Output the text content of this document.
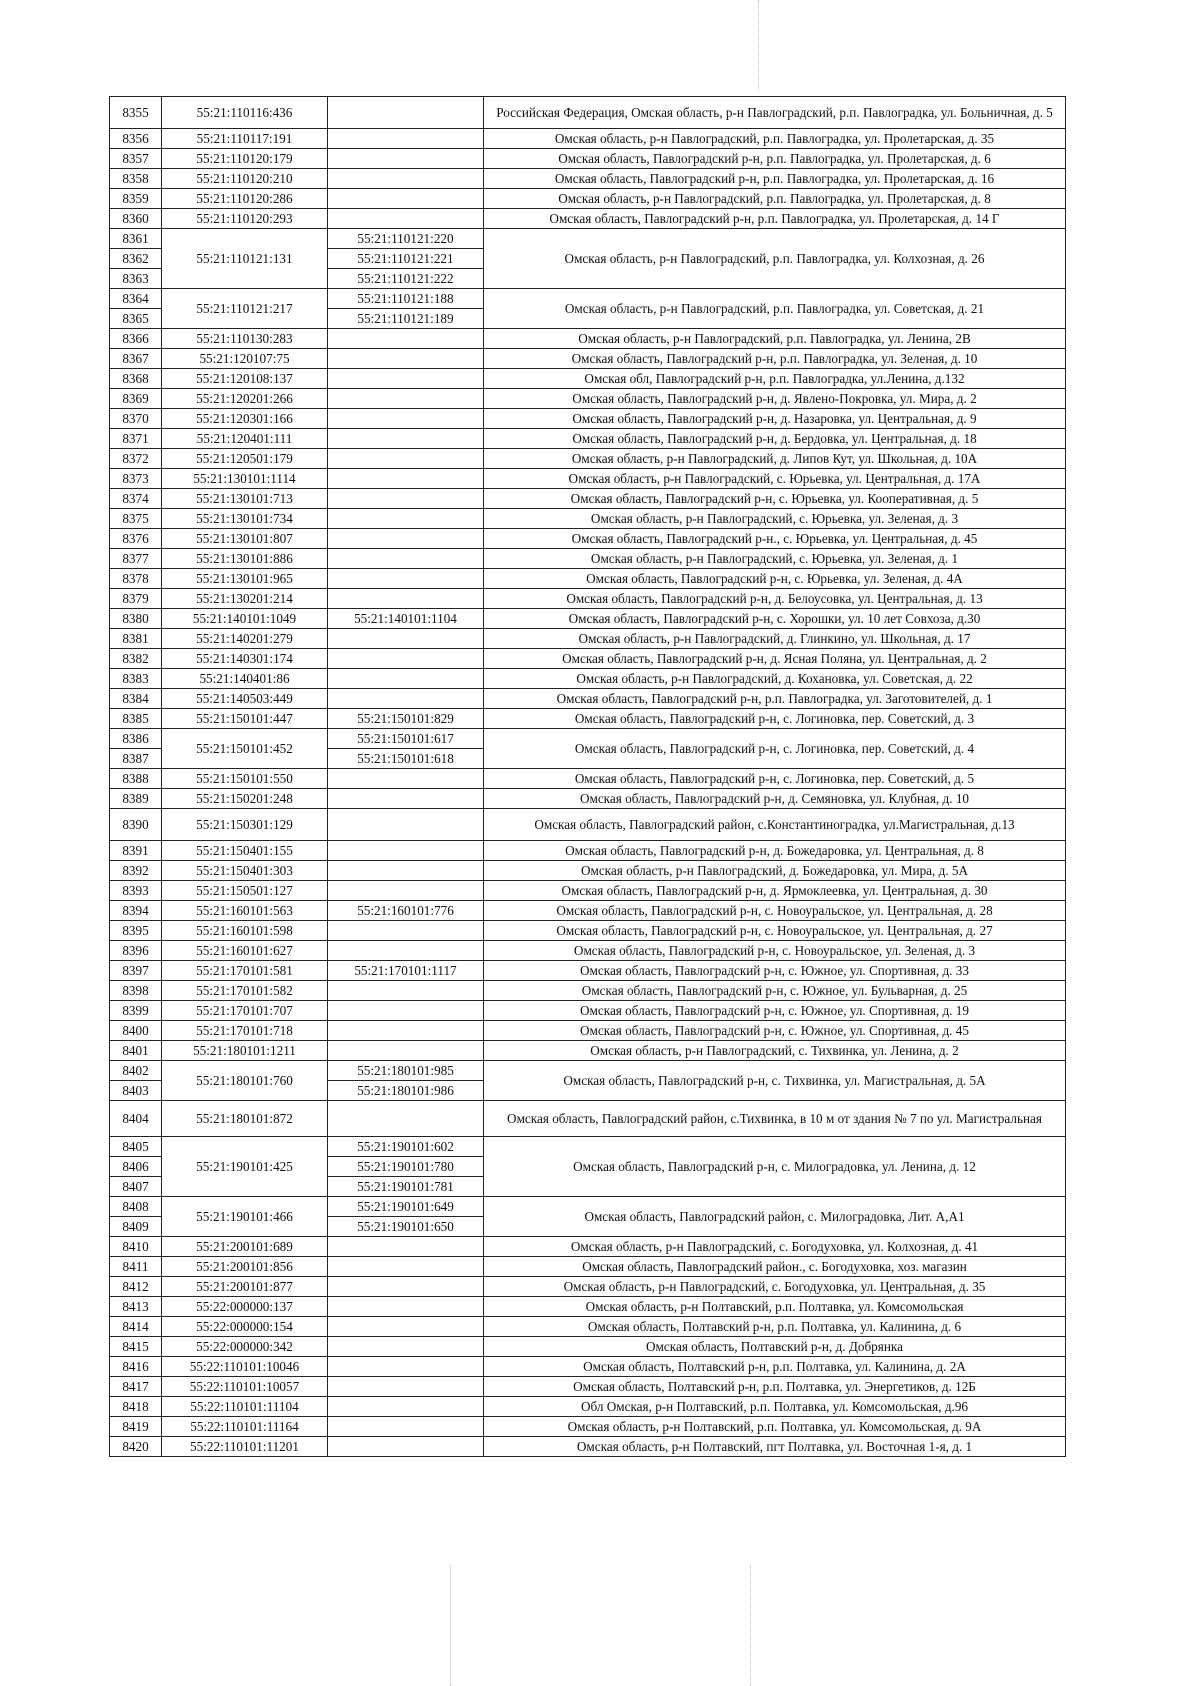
8355	55:21:110116:436		Российская Федерация, Омская область, р-н Павлоградский, р.п. Павлоградка, ул. Больничная, д. 5
8356	55:21:110117:191		Омская область, р-н Павлоградский, р.п. Павлоградка, ул. Пролетарская, д. 35
8357	55:21:110120:179		Омская область, Павлоградский р-н, р.п. Павлоградка, ул. Пролетарская, д. 6
8358	55:21:110120:210		Омская область, Павлоградский р-н, р.п. Павлоградка, ул. Пролетарская, д. 16
8359	55:21:110120:286		Омская область, р-н Павлоградский, р.п. Павлоградка, ул. Пролетарская, д. 8
8360	55:21:110120:293		Омская область, Павлоградский р-н, р.п. Павлоградка, ул. Пролетарская, д. 14 Г
8361	55:21:110121:131	55:21:110121:220	Омская область, р-н Павлоградский, р.п. Павлоградка, ул. Колхозная, д. 26
8362		55:21:110121:221	
8363		55:21:110121:222	
8364	55:21:110121:217	55:21:110121:188	Омская область, р-н Павлоградский, р.п. Павлоградка, ул. Советская, д. 21
8365		55:21:110121:189	
8366	55:21:110130:283		Омская область, р-н Павлоградский, р.п. Павлоградка, ул. Ленина, 2В
8367	55:21:120107:75		Омская область, Павлоградский р-н, р.п. Павлоградка, ул. Зеленая, д. 10
8368	55:21:120108:137		Омская обл, Павлоградский р-н, р.п. Павлоградка, ул.Ленина, д.132
8369	55:21:120201:266		Омская область, Павлоградский р-н, д. Явлено-Покровка, ул. Мира, д. 2
8370	55:21:120301:166		Омская область, Павлоградский р-н, д. Назаровка, ул. Центральная, д. 9
8371	55:21:120401:111		Омская область, Павлоградский р-н, д. Бердовка, ул. Центральная, д. 18
8372	55:21:120501:179		Омская область, р-н Павлоградский, д. Липов Кут, ул. Школьная, д. 10А
8373	55:21:130101:1114		Омская область, р-н Павлоградский, с. Юрьевка, ул. Центральная, д. 17А
8374	55:21:130101:713		Омская область, Павлоградский р-н, с. Юрьевка, ул. Кооперативная, д. 5
8375	55:21:130101:734		Омская область, р-н Павлоградский, с. Юрьевка, ул. Зеленая, д. 3
8376	55:21:130101:807		Омская область, Павлоградский р-н., с. Юрьевка, ул. Центральная, д. 45
8377	55:21:130101:886		Омская область, р-н Павлоградский, с. Юрьевка, ул. Зеленая, д. 1
8378	55:21:130101:965		Омская область, Павлоградский р-н, с. Юрьевка, ул. Зеленая, д. 4А
8379	55:21:130201:214		Омская область, Павлоградский р-н, д. Белоусовка, ул. Центральная, д. 13
8380	55:21:140101:1049	55:21:140101:1104	Омская область, Павлоградский р-н, с. Хорошки, ул. 10 лет Совхоза, д.30
8381	55:21:140201:279		Омская область, р-н Павлоградский, д. Глинкино, ул. Школьная, д. 17
8382	55:21:140301:174		Омская область, Павлоградский р-н, д. Ясная Поляна, ул. Центральная, д. 2
8383	55:21:140401:86		Омская область, р-н Павлоградский, д. Кохановка, ул. Советская, д. 22
8384	55:21:140503:449		Омская область, Павлоградский р-н, р.п. Павлоградка, ул. Заготовителей, д. 1
8385	55:21:150101:447	55:21:150101:829	Омская область, Павлоградский р-н, с. Логиновка, пер. Советский, д. 3
8386	55:21:150101:452	55:21:150101:617	Омская область, Павлоградский р-н, с. Логиновка, пер. Советский, д. 4
8387		55:21:150101:618	
8388	55:21:150101:550		Омская область, Павлоградский р-н, с. Логиновка, пер. Советский, д. 5
8389	55:21:150201:248		Омская область, Павлоградский р-н, д. Семяновка, ул. Клубная, д. 10
8390	55:21:150301:129		Омская область, Павлоградский район, с.Константиноградка, ул.Магистральная, д.13
8391	55:21:150401:155		Омская область, Павлоградский р-н, д. Божедаровка, ул. Центральная, д. 8
8392	55:21:150401:303		Омская область, р-н Павлоградский, д. Божедаровка, ул. Мира, д. 5А
8393	55:21:150501:127		Омская область, Павлоградский р-н, д. Ярмоклеевка, ул. Центральная, д. 30
8394	55:21:160101:563	55:21:160101:776	Омская область, Павлоградский р-н, с. Новоуральское, ул. Центральная, д. 28
8395	55:21:160101:598		Омская область, Павлоградский р-н, с. Новоуральское, ул. Центральная, д. 27
8396	55:21:160101:627		Омская область, Павлоградский р-н, с. Новоуральское, ул. Зеленая, д. 3
8397	55:21:170101:581	55:21:170101:1117	Омская область, Павлоградский р-н, с. Южное, ул. Спортивная, д. 33
8398	55:21:170101:582		Омская область, Павлоградский р-н, с. Южное, ул. Бульварная, д. 25
8399	55:21:170101:707		Омская область, Павлоградский р-н, с. Южное, ул. Спортивная, д. 19
8400	55:21:170101:718		Омская область, Павлоградский р-н, с. Южное, ул. Спортивная, д. 45
8401	55:21:180101:1211		Омская область, р-н Павлоградский, с. Тихвинка, ул. Ленина, д. 2
8402	55:21:180101:760	55:21:180101:985	Омская область, Павлоградский р-н, с. Тихвинка, ул. Магистральная, д. 5А
8403		55:21:180101:986	
8404	55:21:180101:872		Омская область, Павлоградский район, с.Тихвинка, в 10 м от здания № 7 по ул. Магистральная
8405	55:21:190101:425	55:21:190101:602	Омская область, Павлоградский р-н, с. Милоградовка, ул. Ленина, д. 12
8406		55:21:190101:780	
8407		55:21:190101:781	
8408	55:21:190101:466	55:21:190101:649	Омская область, Павлоградский район, с. Милоградовка, Лит. А,А1
8409		55:21:190101:650	
8410	55:21:200101:689		Омская область, р-н Павлоградский, с. Богодуховка, ул. Колхозная, д. 41
8411	55:21:200101:856		Омская область, Павлоградский район., с. Богодуховка, хоз. магазин
8412	55:21:200101:877		Омская область, р-н Павлоградский, с. Богодуховка, ул. Центральная, д. 35
8413	55:22:000000:137		Омская область, р-н Полтавский, р.п. Полтавка, ул. Комсомольская
8414	55:22:000000:154		Омская область, Полтавский р-н, р.п. Полтавка, ул. Калинина, д. 6
8415	55:22:000000:342		Омская область, Полтавский р-н, д. Добрянка
8416	55:22:110101:10046		Омская область, Полтавский р-н, р.п. Полтавка, ул. Калинина, д. 2А
8417	55:22:110101:10057		Омская область, Полтавский р-н, р.п. Полтавка, ул. Энергетиков, д. 12Б
8418	55:22:110101:11104		Обл Омская, р-н Полтавский, р.п. Полтавка, ул. Комсомольская, д.96
8419	55:22:110101:11164		Омская область, р-н Полтавский, р.п. Полтавка, ул. Комсомольская, д. 9А
8420	55:22:110101:11201		Омская область, р-н Полтавский, пгт Полтавка, ул. Восточная 1-я, д. 1
